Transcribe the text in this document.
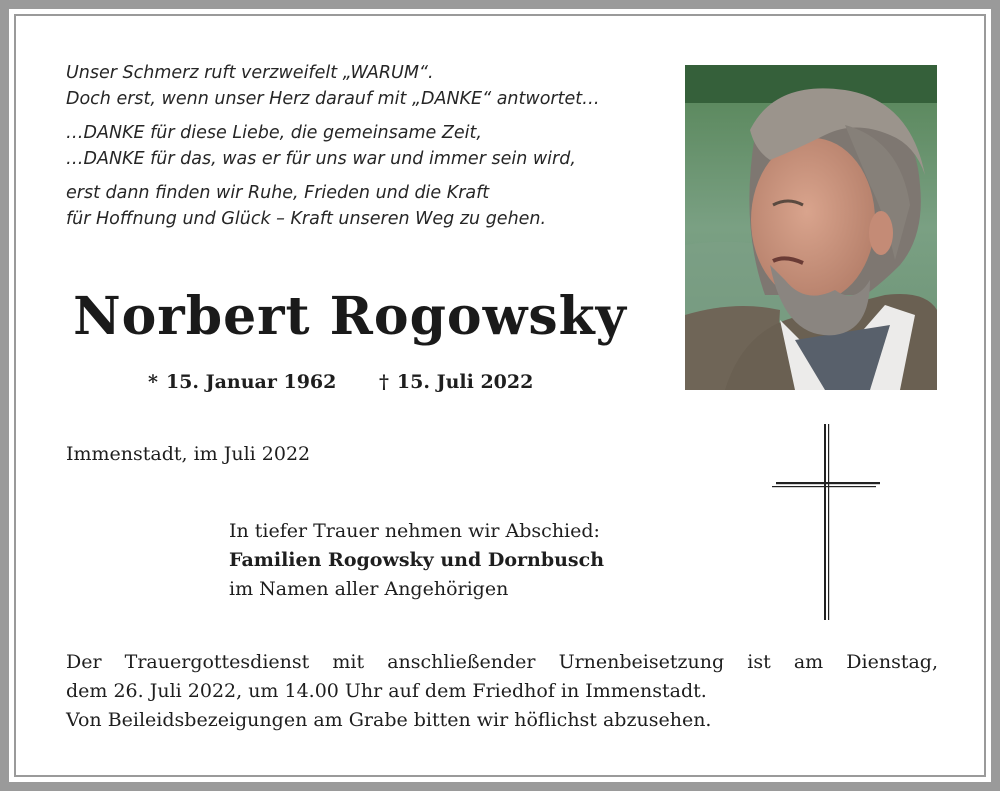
Unser Schmerz ruft verzweifelt „WARUM“.
Doch erst, wenn unser Herz darauf mit „DANKE“ antwortet…

…DANKE für diese Liebe, die gemeinsame Zeit,
…DANKE für das, was er für uns war und immer sein wird,

erst dann finden wir Ruhe, Frieden und die Kraft
für Hoffnung und Glück – Kraft unseren Weg zu gehen.

Norbert Rogowsky
* 15. Januar 1962 † 15. Juli 2022
Immenstadt, im Juli 2022
In tiefer Trauer nehmen wir Abschied:
Familien Rogowsky und Dornbusch
im Namen aller Angehörigen
Der Trauergottesdienst mit anschließender Urnenbeisetzung ist am Dienstag,
dem 26. Juli 2022, um 14.00 Uhr auf dem Friedhof in Immenstadt.
Von Beileidsbezeigungen am Grabe bitten wir höflichst abzusehen.
